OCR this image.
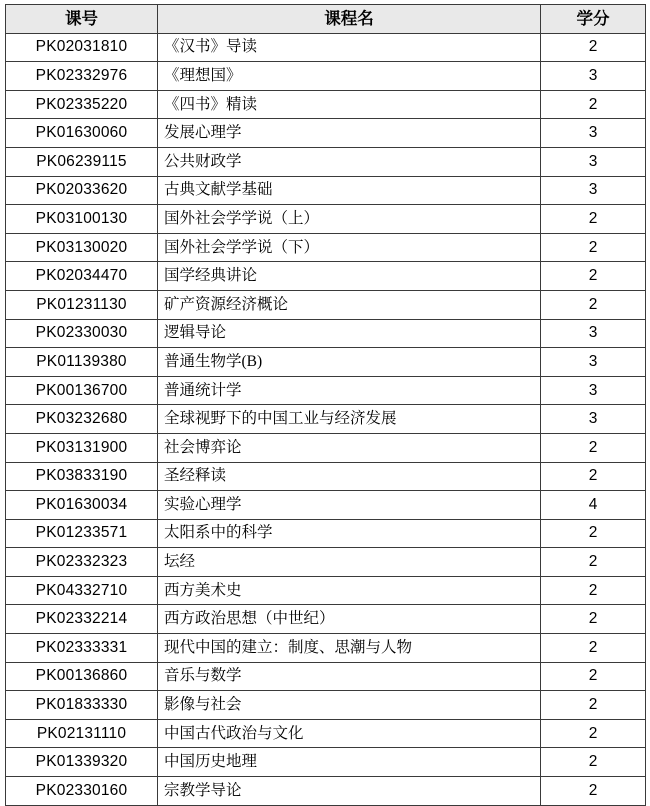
课号	课程名	学分
PK02031810	《汉书》导读	2
PK02332976	《理想国》	3
PK02335220	《四书》精读	2
PK01630060	发展心理学	3
PK06239115	公共财政学	3
PK02033620	古典文献学基础	3
PK03100130	国外社会学学说（上）	2
PK03130020	国外社会学学说（下）	2
PK02034470	国学经典讲论	2
PK01231130	矿产资源经济概论	2
PK02330030	逻辑导论	3
PK01139380	普通生物学(B)	3
PK00136700	普通统计学	3
PK03232680	全球视野下的中国工业与经济发展	3
PK03131900	社会博弈论	2
PK03833190	圣经释读	2
PK01630034	实验心理学	4
PK01233571	太阳系中的科学	2
PK02332323	坛经	2
PK04332710	西方美术史	2
PK02332214	西方政治思想（中世纪）	2
PK02333331	现代中国的建立：制度、思潮与人物	2
PK00136860	音乐与数学	2
PK01833330	影像与社会	2
PK02131110	中国古代政治与文化	2
PK01339320	中国历史地理	2
PK02330160	宗教学导论	2
